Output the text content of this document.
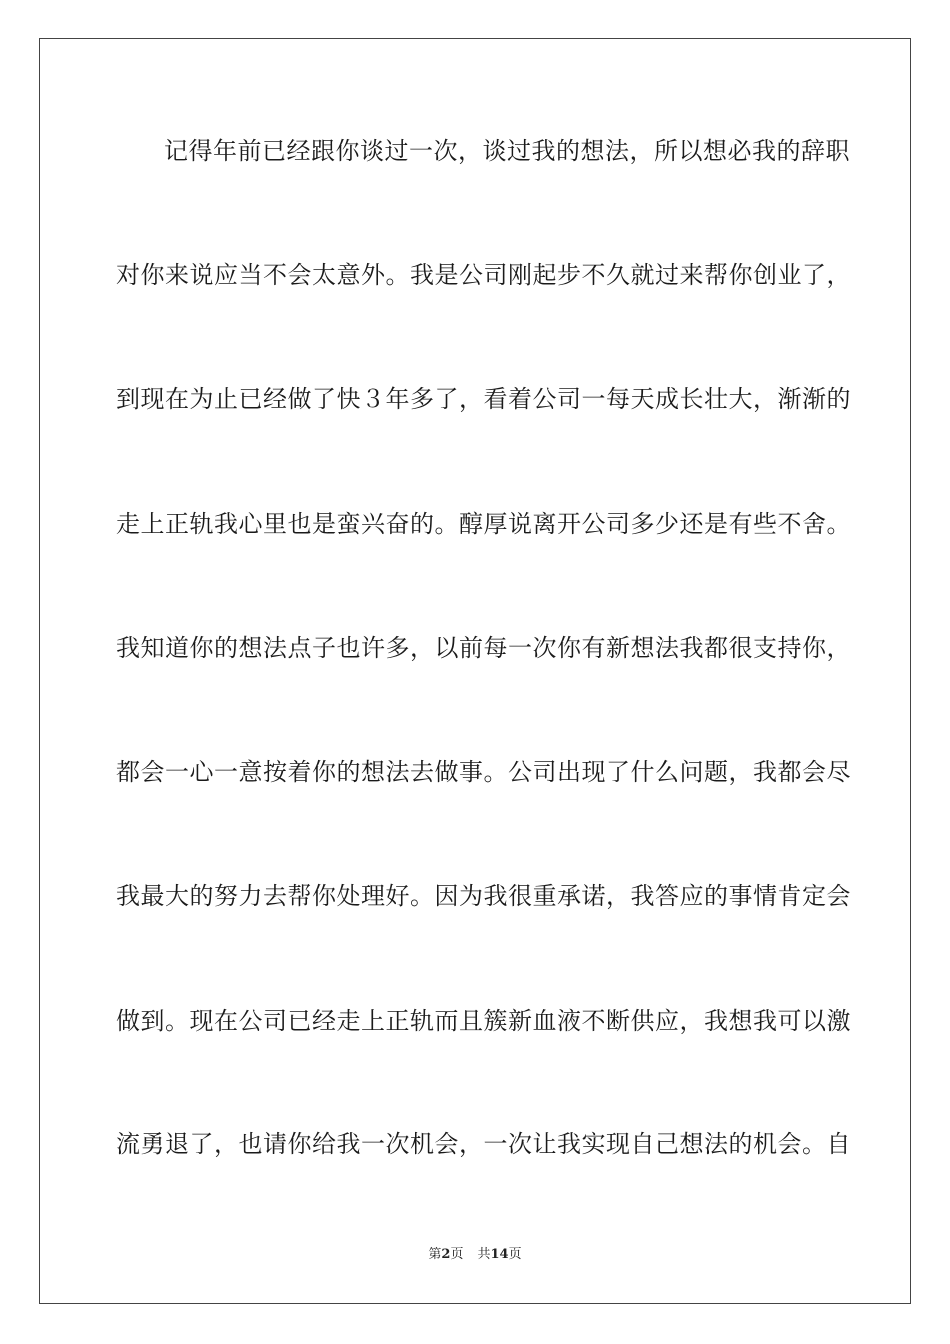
记得年前已经跟你谈过一次，谈过我的想法，所以想必我的辞职
对你来说应当不会太意外。我是公司刚起步不久就过来帮你创业了，
到现在为止已经做了快３年多了，看着公司一每天成长壮大，渐渐的
走上正轨我心里也是蛮兴奋的。醇厚说离开公司多少还是有些不舍。
我知道你的想法点子也许多，以前每一次你有新想法我都很支持你，
都会一心一意按着你的想法去做事。公司出现了什么问题，我都会尽
我最大的努力去帮你处理好。因为我很重承诺，我答应的事情肯定会
做到。现在公司已经走上正轨而且簇新血液不断供应，我想我可以激
流勇退了，也请你给我一次机会，一次让我实现自己想法的机会。自
第2页 共14页
